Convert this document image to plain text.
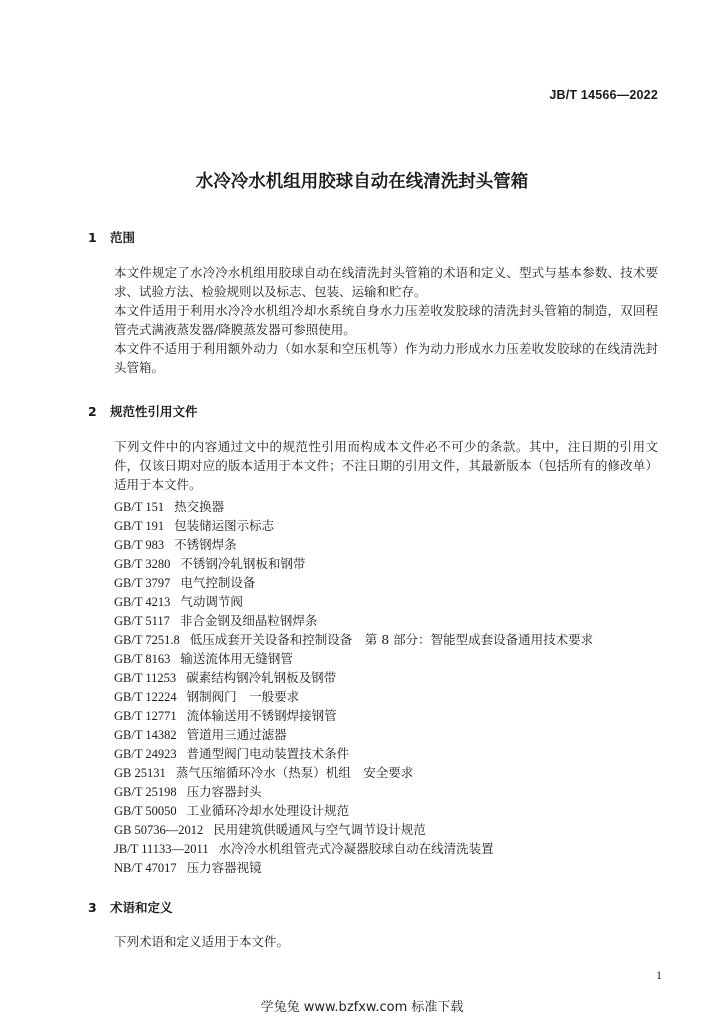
JB/T 14566—2022
水冷冷水机组用胶球自动在线清洗封头管箱
1 范围
本文件规定了水冷冷水机组用胶球自动在线清洗封头管箱的术语和定义、型式与基本参数、技术要求、试验方法、检验规则以及标志、包装、运输和贮存。
本文件适用于利用水冷冷水机组冷却水系统自身水力压差收发胶球的清洗封头管箱的制造，双回程管壳式满液蒸发器/降膜蒸发器可参照使用。
本文件不适用于利用额外动力（如水泵和空压机等）作为动力形成水力压差收发胶球的在线清洗封头管箱。
2 规范性引用文件
下列文件中的内容通过文中的规范性引用而构成本文件必不可少的条款。其中，注日期的引用文件，仅该日期对应的版本适用于本文件；不注日期的引用文件，其最新版本（包括所有的修改单）适用于本文件。
GB/T 151 热交换器
GB/T 191 包装储运图示标志
GB/T 983 不锈钢焊条
GB/T 3280 不锈钢冷轧钢板和钢带
GB/T 3797 电气控制设备
GB/T 4213 气动调节阀
GB/T 5117 非合金钢及细晶粒钢焊条
GB/T 7251.8 低压成套开关设备和控制设备　第 8 部分：智能型成套设备通用技术要求
GB/T 8163 输送流体用无缝钢管
GB/T 11253 碳素结构钢冷轧钢板及钢带
GB/T 12224 钢制阀门　一般要求
GB/T 12771 流体输送用不锈钢焊接钢管
GB/T 14382 管道用三通过滤器
GB/T 24923 普通型阀门电动装置技术条件
GB 25131 蒸气压缩循环冷水（热泵）机组　安全要求
GB/T 25198 压力容器封头
GB/T 50050 工业循环冷却水处理设计规范
GB 50736—2012 民用建筑供暖通风与空气调节设计规范
JB/T 11133—2011 水冷冷水机组管壳式冷凝器胶球自动在线清洗装置
NB/T 47017 压力容器视镜
3 术语和定义
下列术语和定义适用于本文件。
1
学兔兔 www.bzfxw.com 标准下载
